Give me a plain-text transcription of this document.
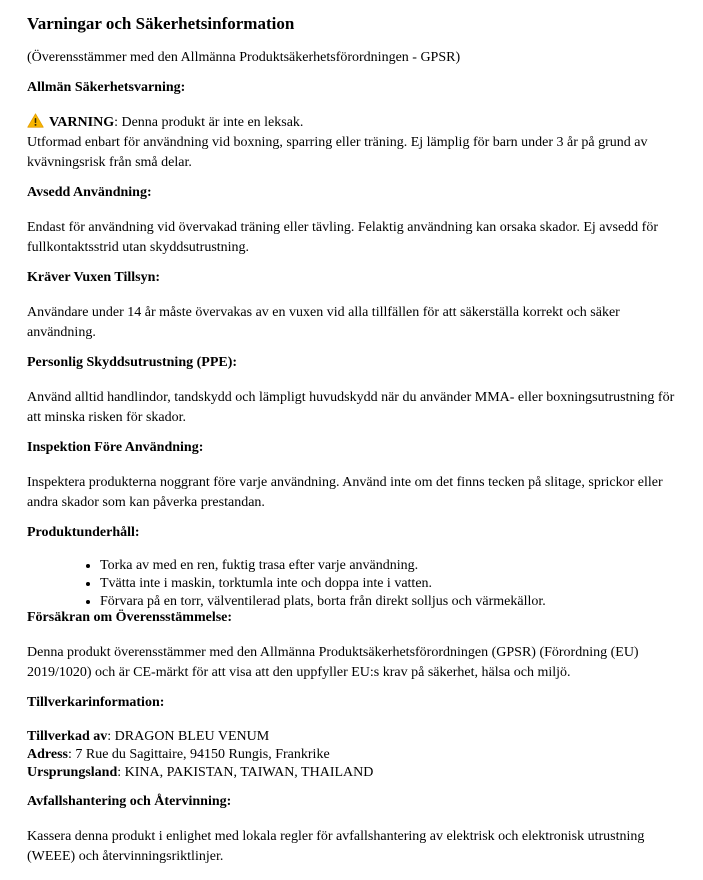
Varningar och Säkerhetsinformation

(Överensstämmer med den Allmänna Produktsäkerhetsförordningen - GPSR)

Allmän Säkerhetsvarning:

VARNING: Denna produkt är inte en leksak.

Utformad enbart för användning vid boxning, sparring eller träning. Ej lämplig för barn under 3 år på grund av kvävningsrisk från små delar.

Avsedd Användning:

Endast för användning vid övervakad träning eller tävling. Felaktig användning kan orsaka skador. Ej avsedd för fullkontaktsstrid utan skyddsutrustning.

Kräver Vuxen Tillsyn:

Användare under 14 år måste övervakas av en vuxen vid alla tillfällen för att säkerställa korrekt och säker användning.

Personlig Skyddsutrustning (PPE):

Använd alltid handlindor, tandskydd och lämpligt huvudskydd när du använder MMA- eller boxningsutrustning för att minska risken för skador.

Inspektion Före Användning:

Inspektera produkterna noggrant före varje användning. Använd inte om det finns tecken på slitage, sprickor eller andra skador som kan påverka prestandan.

Produktunderhåll:
• Torka av med en ren, fuktig trasa efter varje användning.
• Tvätta inte i maskin, torktumla inte och doppa inte i vatten.
• Förvara på en torr, välventilerad plats, borta från direkt solljus och värmekällor.
Försäkran om Överensstämmelse:

Denna produkt överensstämmer med den Allmänna Produktsäkerhetsförordningen (GPSR) (Förordning (EU) 2019/1020) och är CE-märkt för att visa att den uppfyller EU:s krav på säkerhet, hälsa och miljö.

Tillverkarinformation:
Tillverkad av: DRAGON BLEU VENUM
Adress: 7 Rue du Sagittaire, 94150 Rungis, Frankrike
Ursprungsland: KINA, PAKISTAN, TAIWAN, THAILAND
Avfallshantering och Återvinning:

Kassera denna produkt i enlighet med lokala regler för avfallshantering av elektrisk och elektronisk utrustning (WEEE) och återvinningsriktlinjer.
